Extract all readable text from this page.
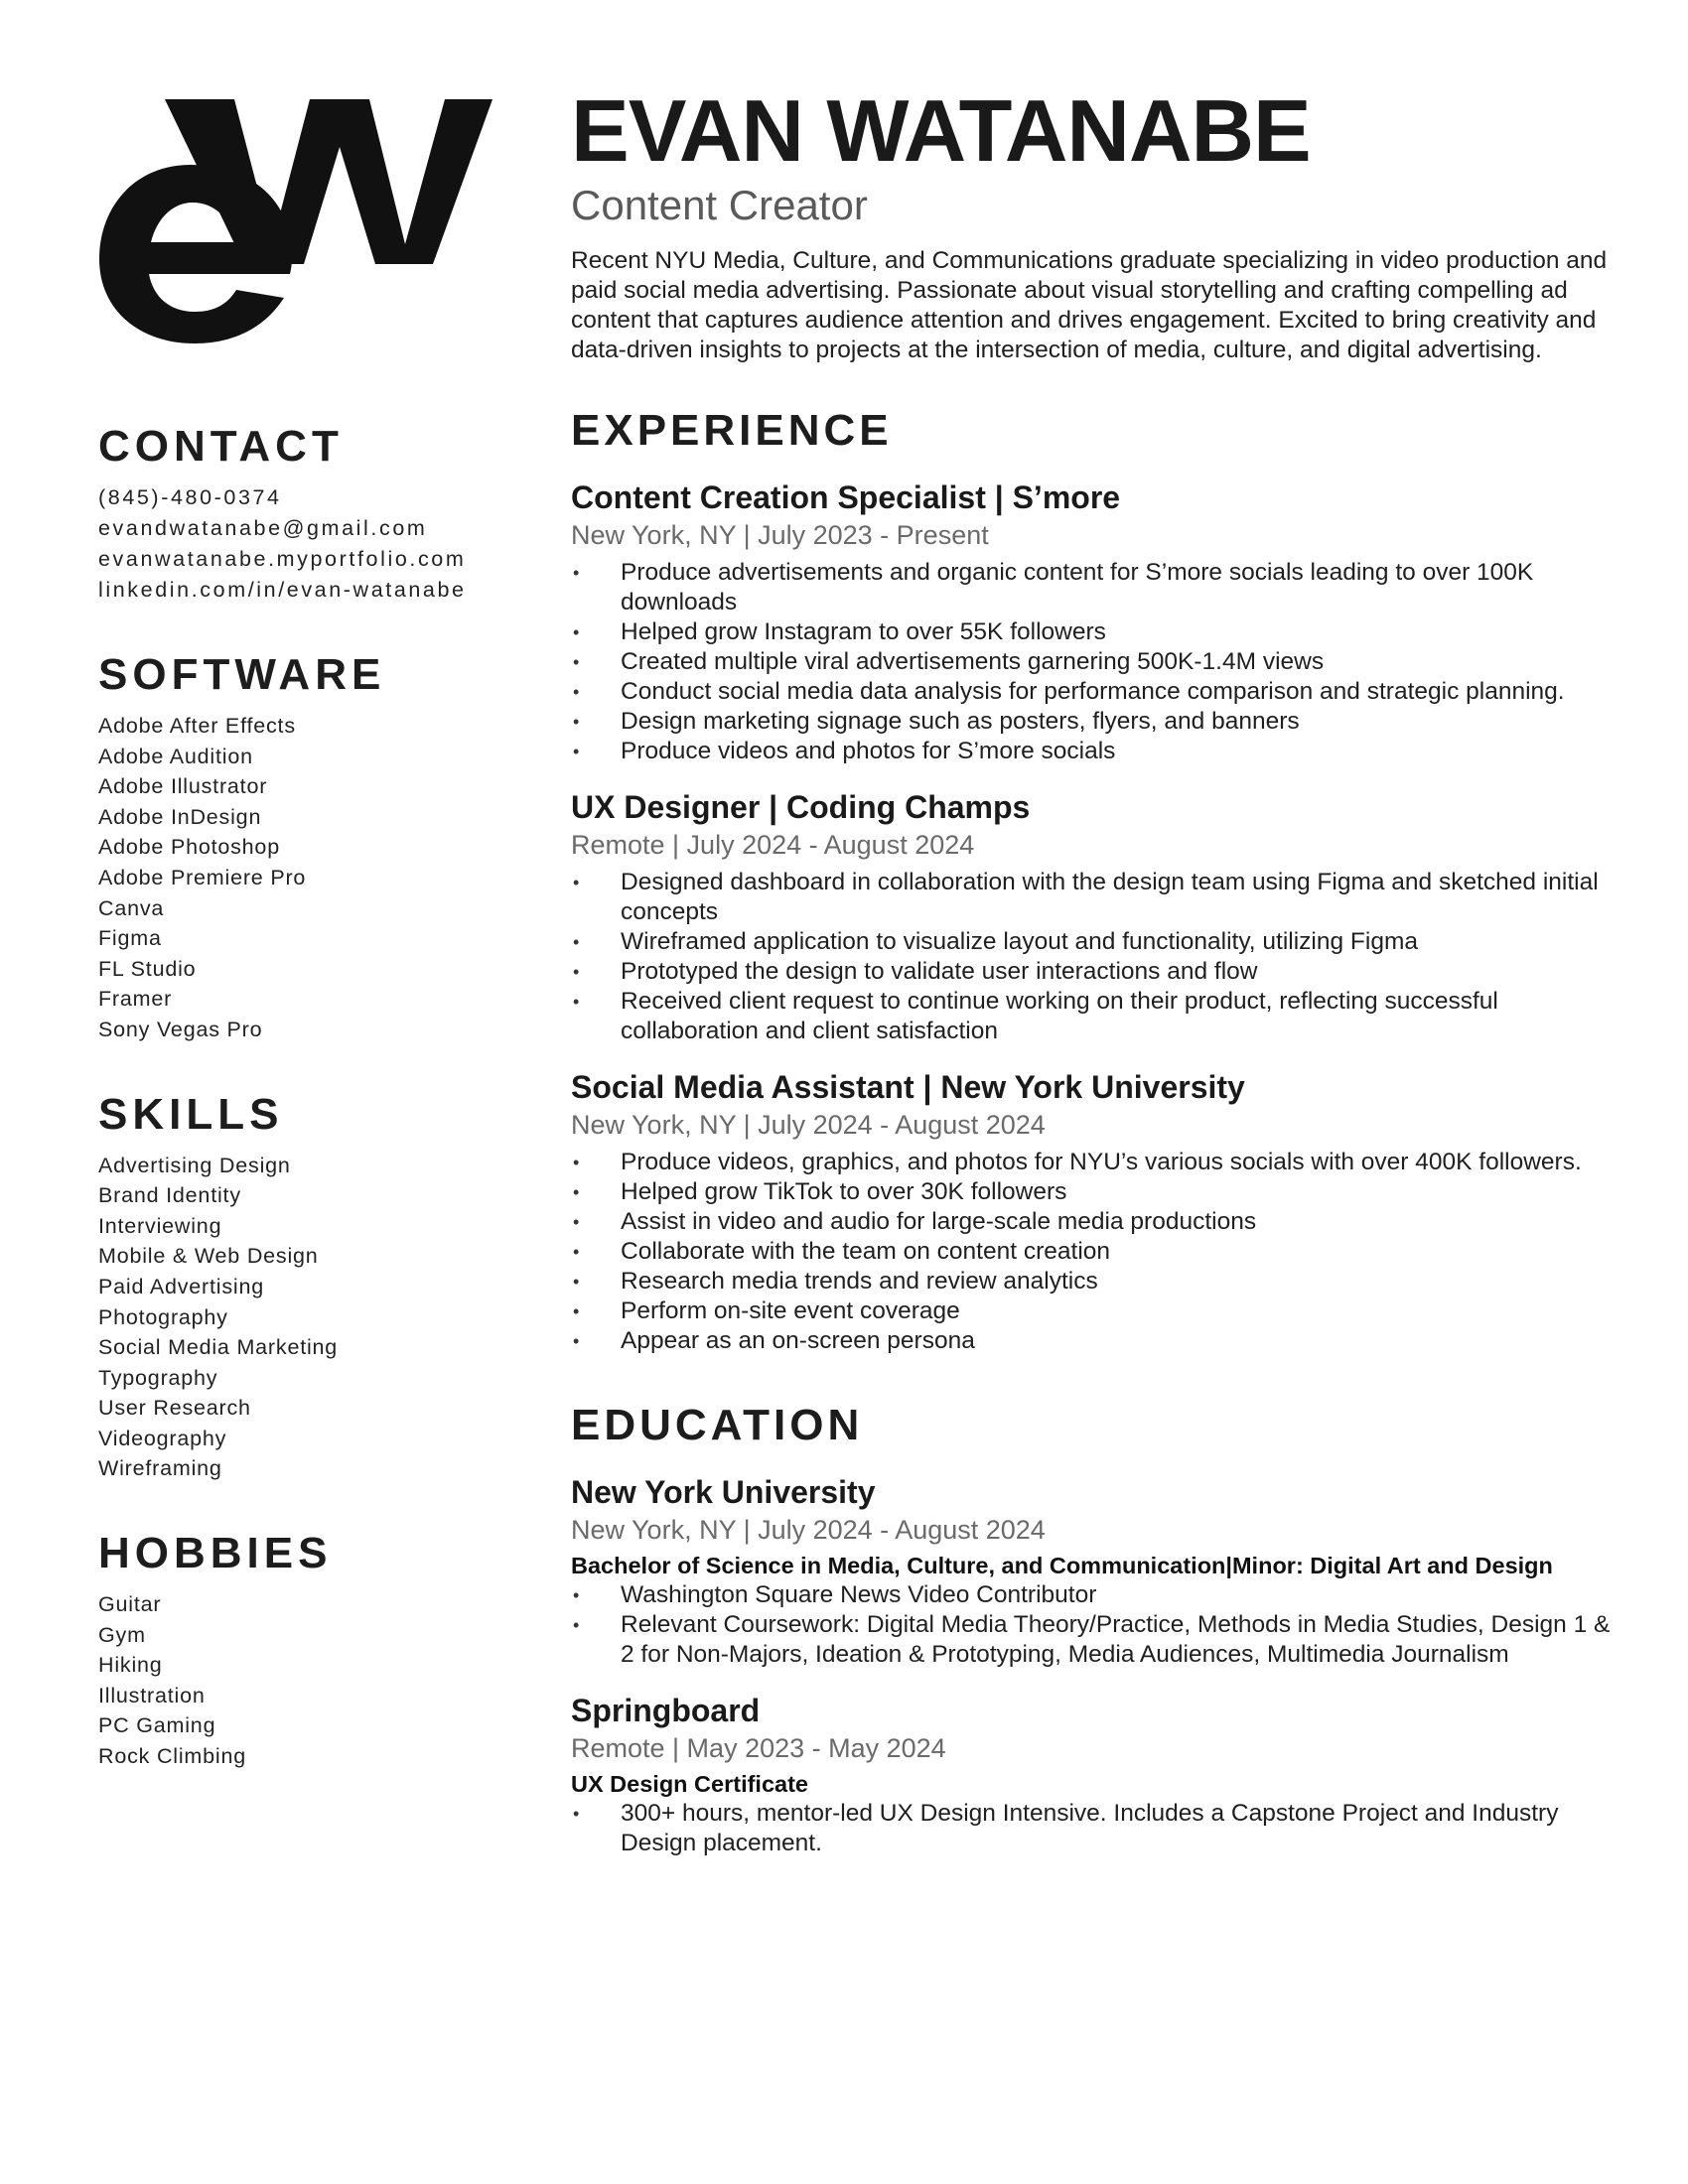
CONTACT
(845)-480-0374
evandwatanabe@gmail.com
evanwatanabe.myportfolio.com
linkedin.com/in/evan-watanabe
SOFTWARE
Adobe After Effects
Adobe Audition
Adobe Illustrator
Adobe InDesign
Adobe Photoshop
Adobe Premiere Pro
Canva
Figma
FL Studio
Framer
Sony Vegas Pro
SKILLS
Advertising Design
Brand Identity
Interviewing
Mobile & Web Design
Paid Advertising
Photography
Social Media Marketing
Typography
User Research
Videography
Wireframing
HOBBIES
Guitar
Gym
Hiking
Illustration
PC Gaming
Rock Climbing
EVAN WATANABE
Content Creator
Recent NYU Media, Culture, and Communications graduate specializing in video production and paid social media advertising. Passionate about visual storytelling and crafting compelling ad content that captures audience attention and drives engagement. Excited to bring creativity and data-driven insights to projects at the intersection of media, culture, and digital advertising.
EXPERIENCE
Content Creation Specialist | S’more
New York, NY | July 2023 - Present
• Produce advertisements and organic content for S’more socials leading to over 100K downloads
• Helped grow Instagram to over 55K followers
• Created multiple viral advertisements garnering 500K-1.4M views
• Conduct social media data analysis for performance comparison and strategic planning.
• Design marketing signage such as posters, flyers, and banners
• Produce videos and photos for S’more socials
UX Designer | Coding Champs
Remote | July 2024 - August 2024
• Designed dashboard in collaboration with the design team using Figma and sketched initial concepts
• Wireframed application to visualize layout and functionality, utilizing Figma
• Prototyped the design to validate user interactions and flow
• Received client request to continue working on their product, reflecting successful collaboration and client satisfaction
Social Media Assistant | New York University
New York, NY | July 2024 - August 2024
• Produce videos, graphics, and photos for NYU’s various socials with over 400K followers.
• Helped grow TikTok to over 30K followers
• Assist in video and audio for large-scale media productions
• Collaborate with the team on content creation
• Research media trends and review analytics
• Perform on-site event coverage
• Appear as an on-screen persona
EDUCATION
New York University
New York, NY | July 2024 - August 2024
Bachelor of Science in Media, Culture, and Communication|Minor: Digital Art and Design
• Washington Square News Video Contributor
• Relevant Coursework: Digital Media Theory/Practice, Methods in Media Studies, Design 1 & 2 for Non-Majors, Ideation & Prototyping, Media Audiences, Multimedia Journalism
Springboard
Remote | May 2023 - May 2024
UX Design Certificate
• 300+ hours, mentor-led UX Design Intensive. Includes a Capstone Project and Industry Design placement.
